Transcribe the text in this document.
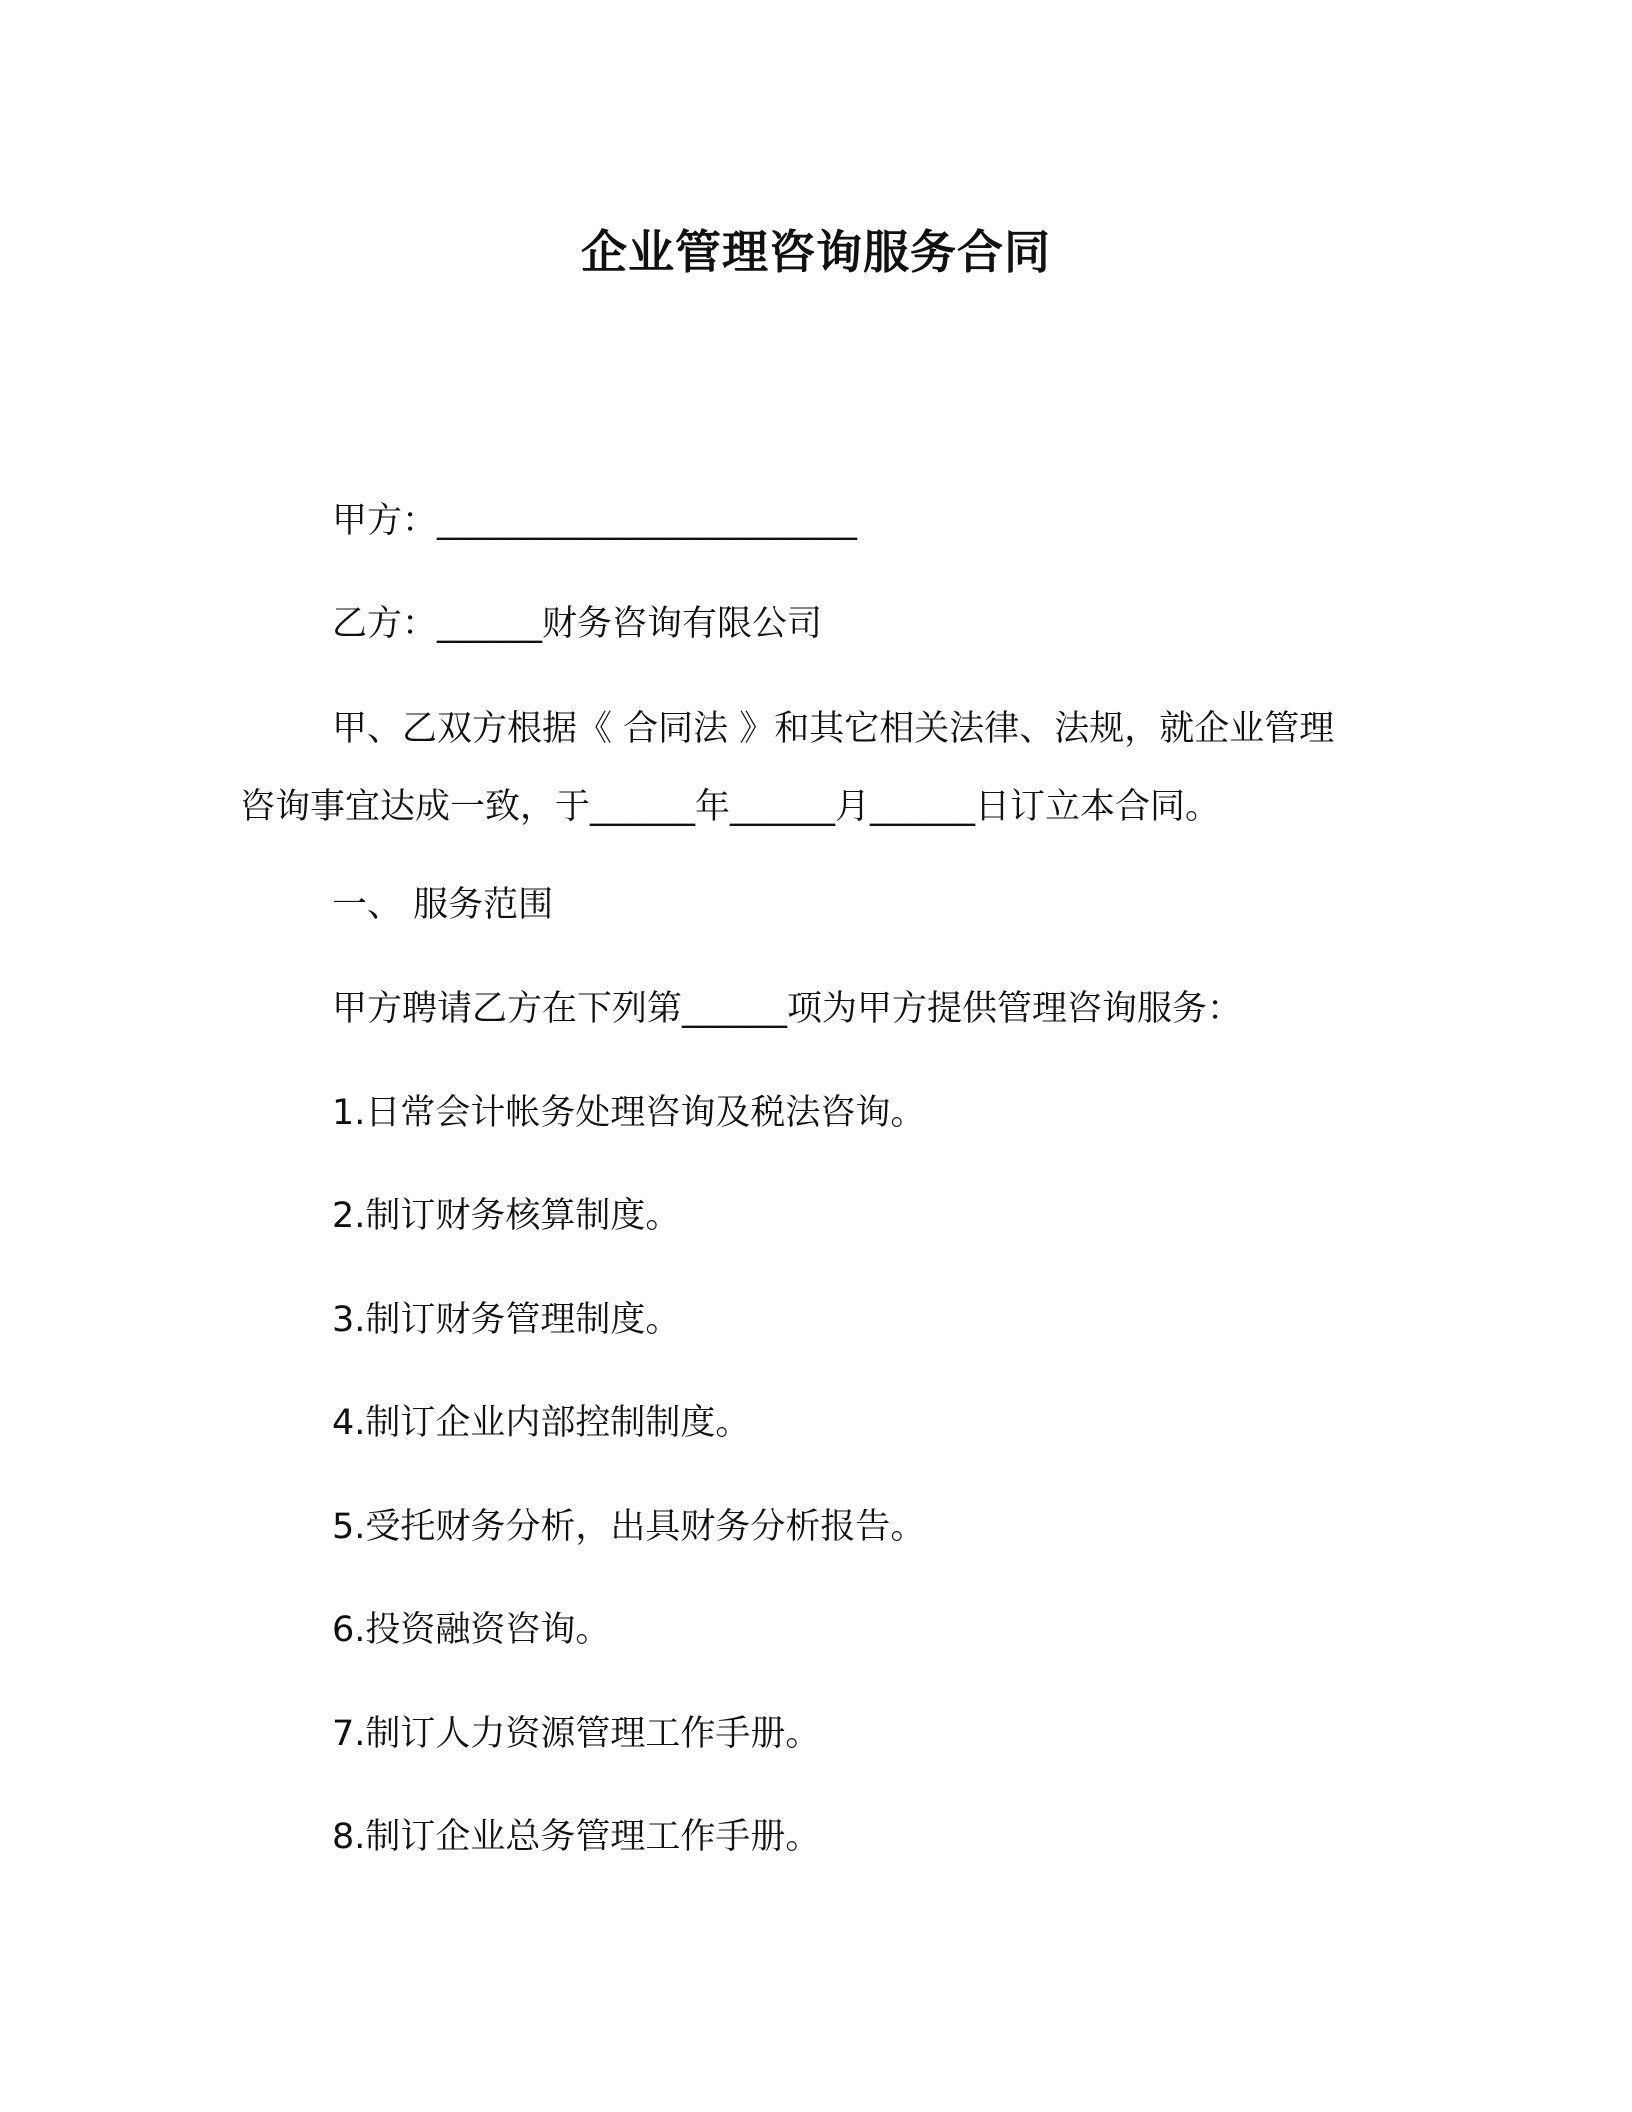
企业管理咨询服务合同
甲方：________________________
乙方：______财务咨询有限公司
甲、乙双方根据《 合同法 》和其它相关法律、法规，就企业管理咨询事宜达成一致，于______年______月______日订立本合同。
一、 服务范围
甲方聘请乙方在下列第______项为甲方提供管理咨询服务：
1.日常会计帐务处理咨询及税法咨询。
2.制订财务核算制度。
3.制订财务管理制度。
4.制订企业内部控制制度。
5.受托财务分析，出具财务分析报告。
6.投资融资咨询。
7.制订人力资源管理工作手册。
8.制订企业总务管理工作手册。
